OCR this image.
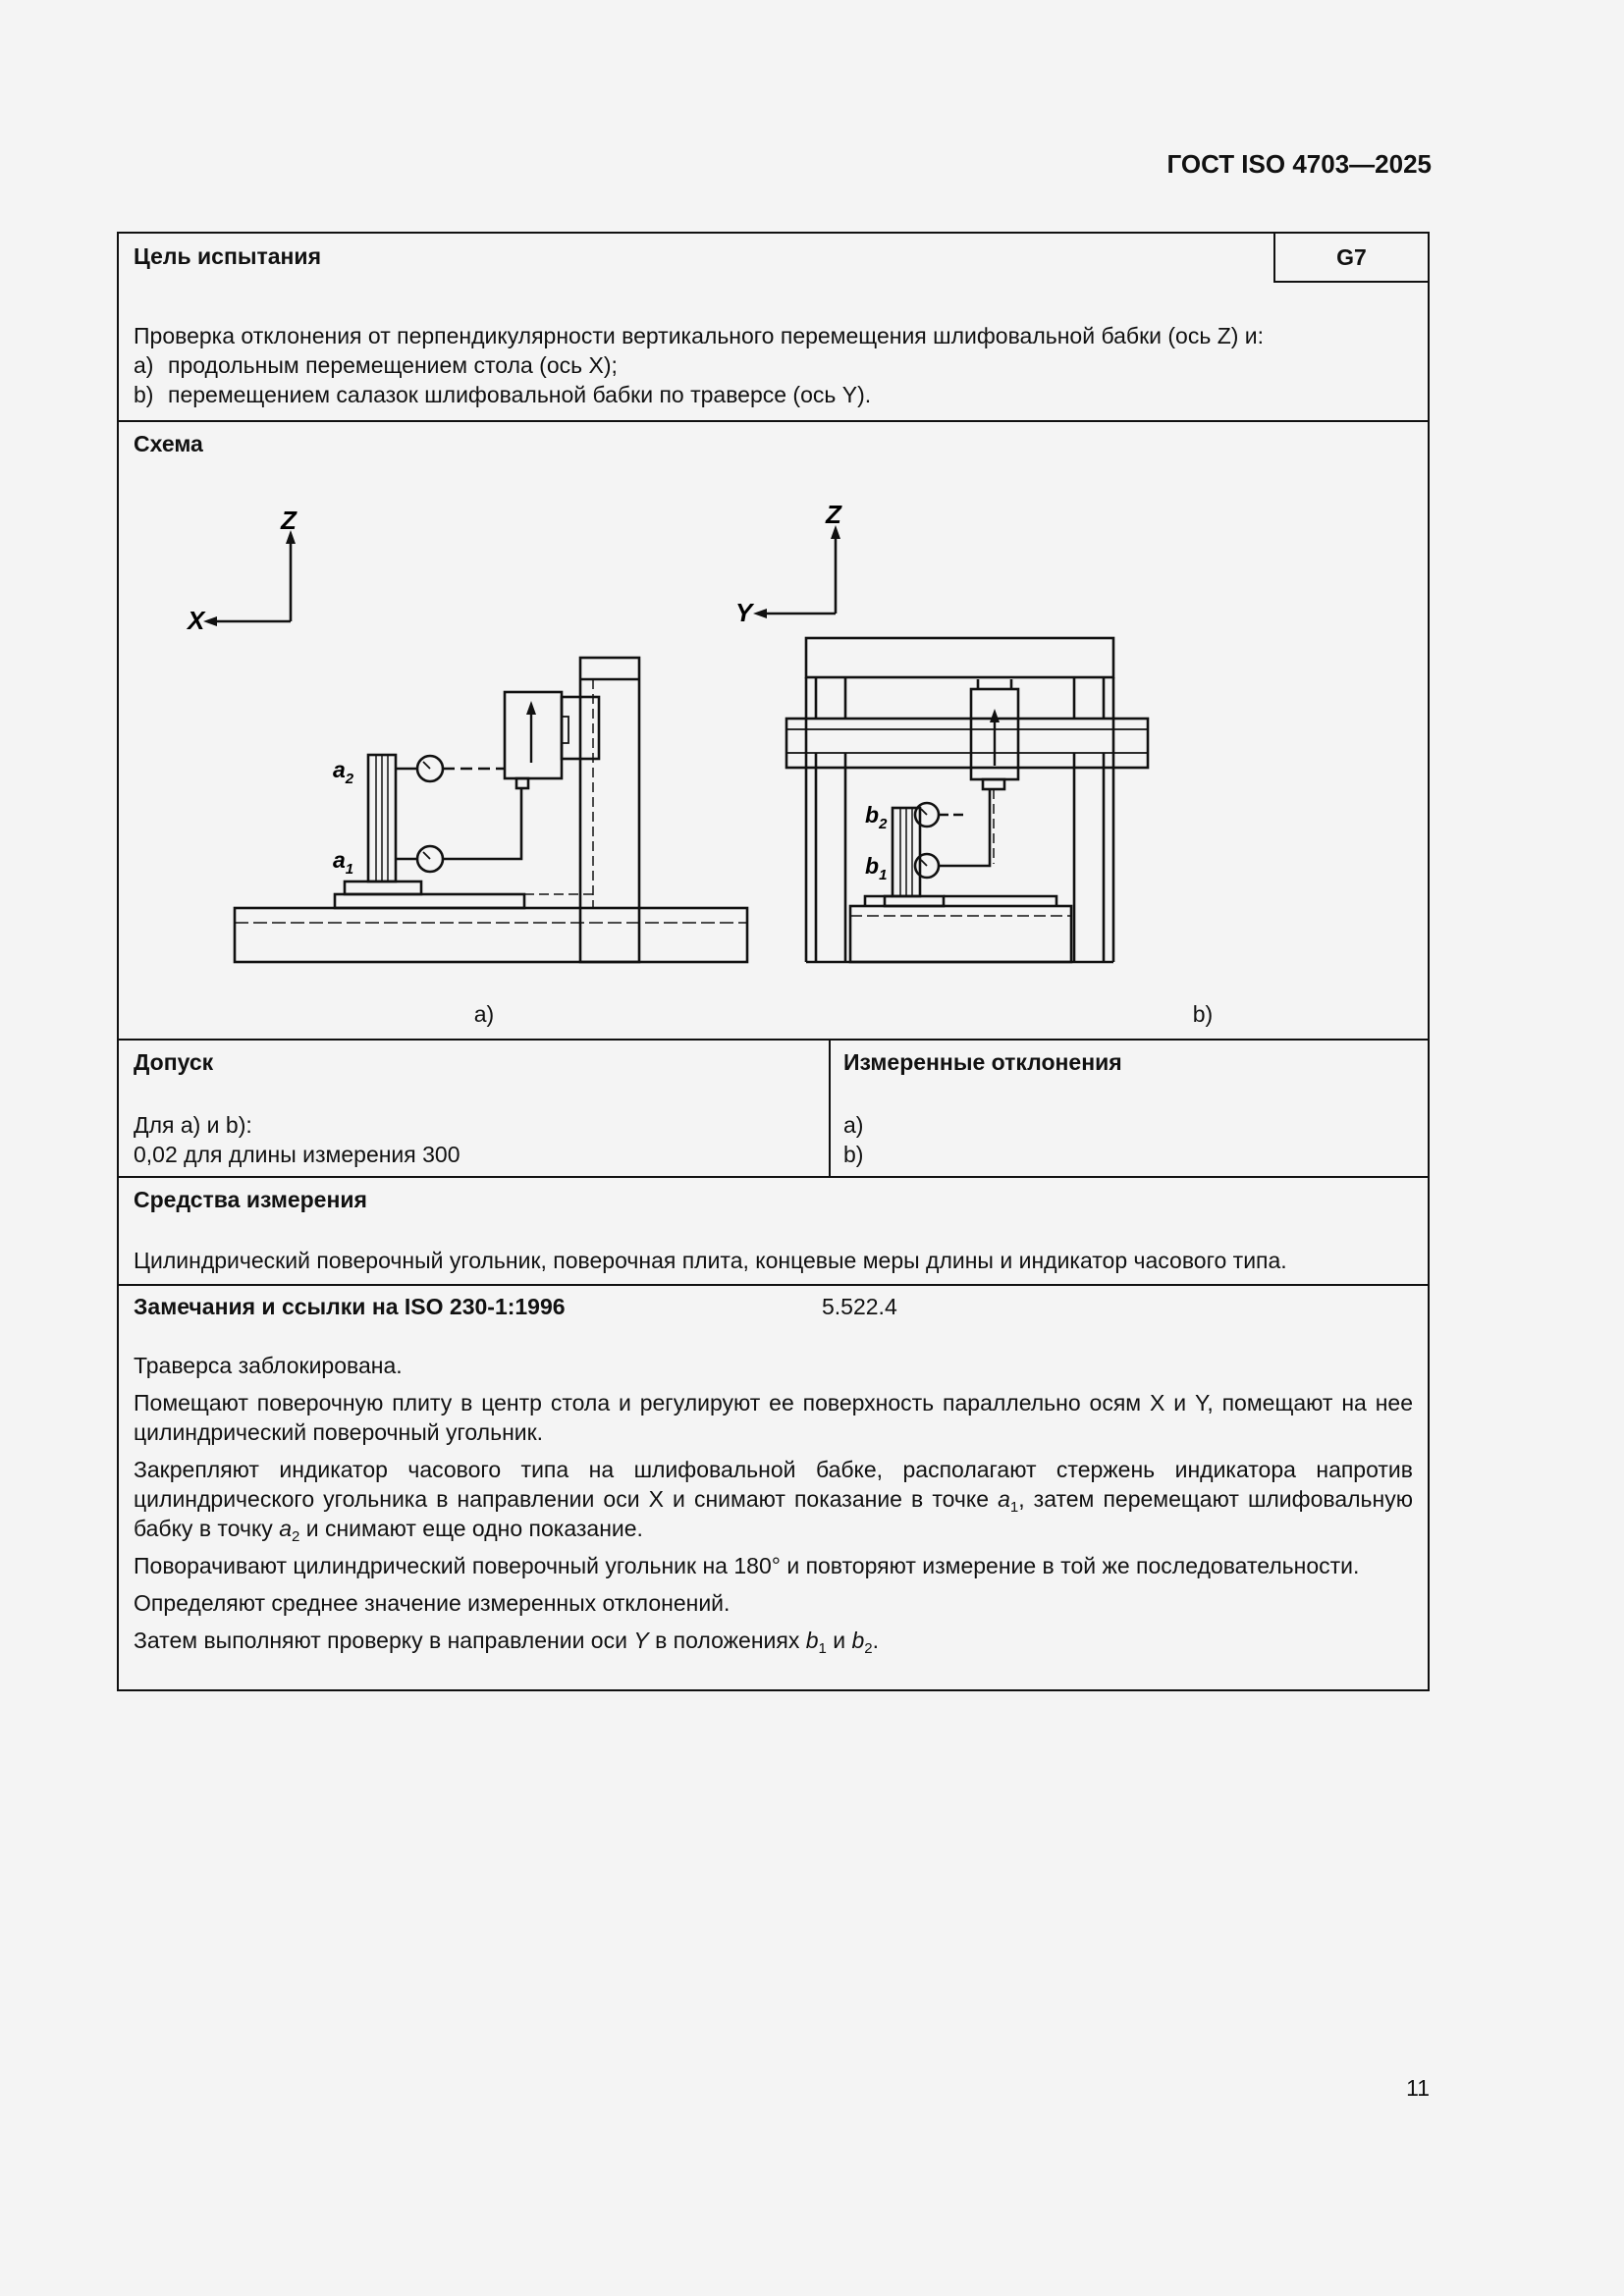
ГОСТ ISO 4703—2025
Цель испытания	G7
Проверка отклонения от перпендикулярности вертикального перемещения шлифовальной бабки (ось Z) и:
a) продольным перемещением стола (ось X);
b) перемещением салазок шлифовальной бабки по траверсе (ось Y).
Схема
Z
X
$a_2$
$a_1$
a)
Z
Y
$b_2$
$b_1$
b)
Допуск
Для a) и b):
0,02 для длины измерения 300
Измеренные отклонения
a)
b)
Средства измерения
Цилиндрический поверочный угольник, поверочная плита, концевые меры длины и индикатор часового типа.
Замечания и ссылки на ISO 230-1:1996	5.522.4

Траверса заблокирована.

Помещают поверочную плиту в центр стола и регулируют ее поверхность параллельно осям X и Y, помещают на нее цилиндрический поверочный угольник.

Закрепляют индикатор часового типа на шлифовальной бабке, располагают стержень индикатора напротив цилиндрического угольника в направлении оси X и снимают показание в точке $a_1$, затем перемещают шлифовальную бабку в точку $a_2$ и снимают еще одно показание.

Поворачивают цилиндрический поверочный угольник на 180° и повторяют измерение в той же последовательности.

Определяют среднее значение измеренных отклонений.

Затем выполняют проверку в направлении оси Y в положениях $b_1$ и $b_2$.

11
